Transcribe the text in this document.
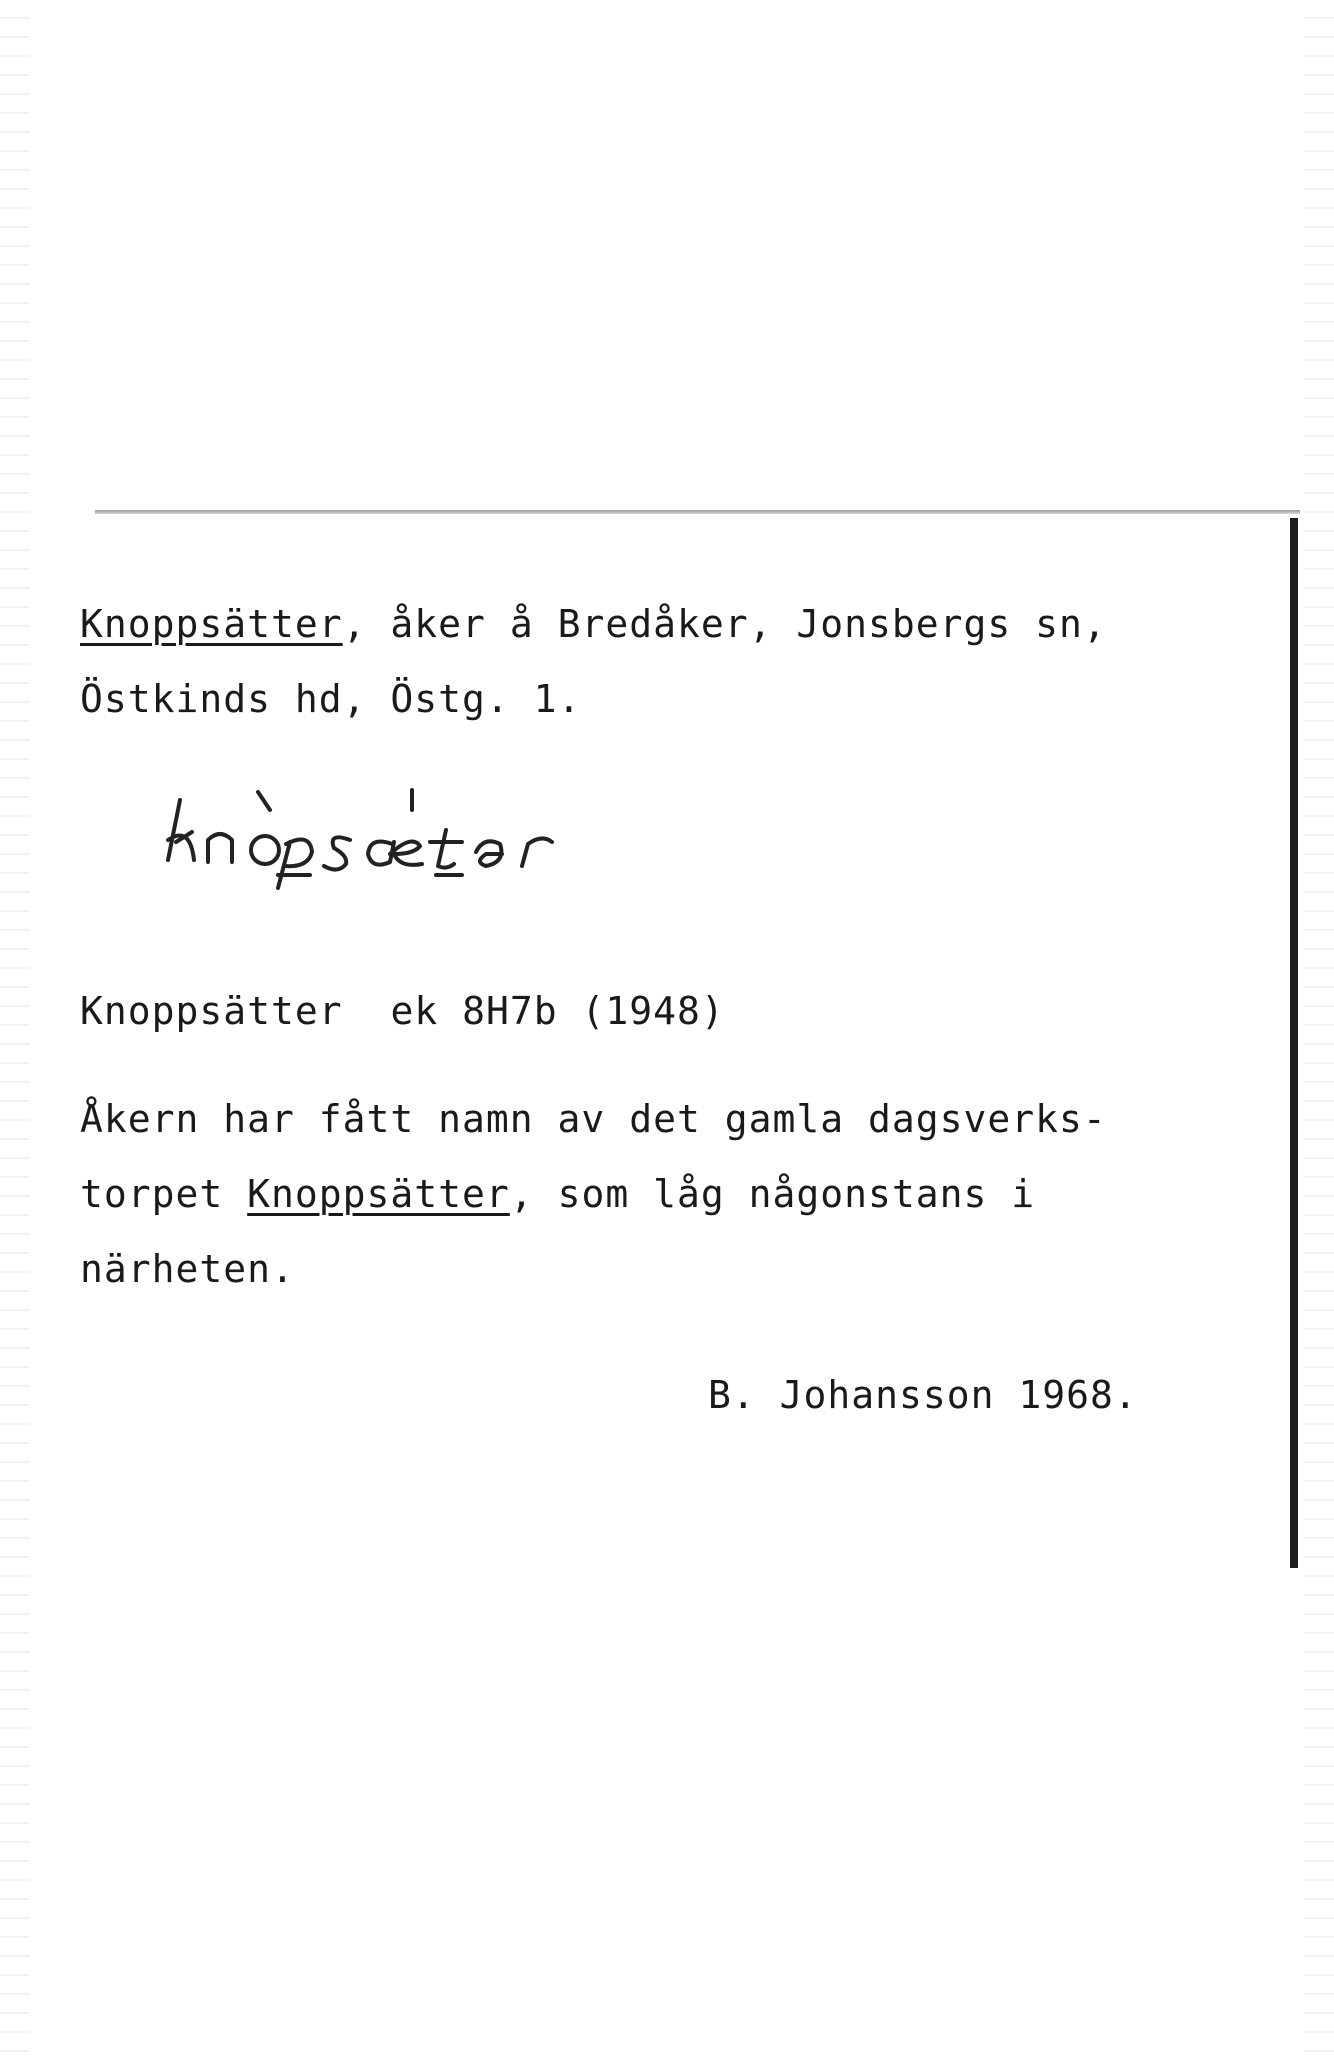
Knoppsätter, åker å Bredåker, Jonsbergs sn,
Östkinds hd, Östg. 1.
Knoppsätter ek 8H7b (1948)
Åkern har fått namn av det gamla dagsverks-
torpet Knoppsätter, som låg någonstans i
närheten.
B. Johansson 1968.
